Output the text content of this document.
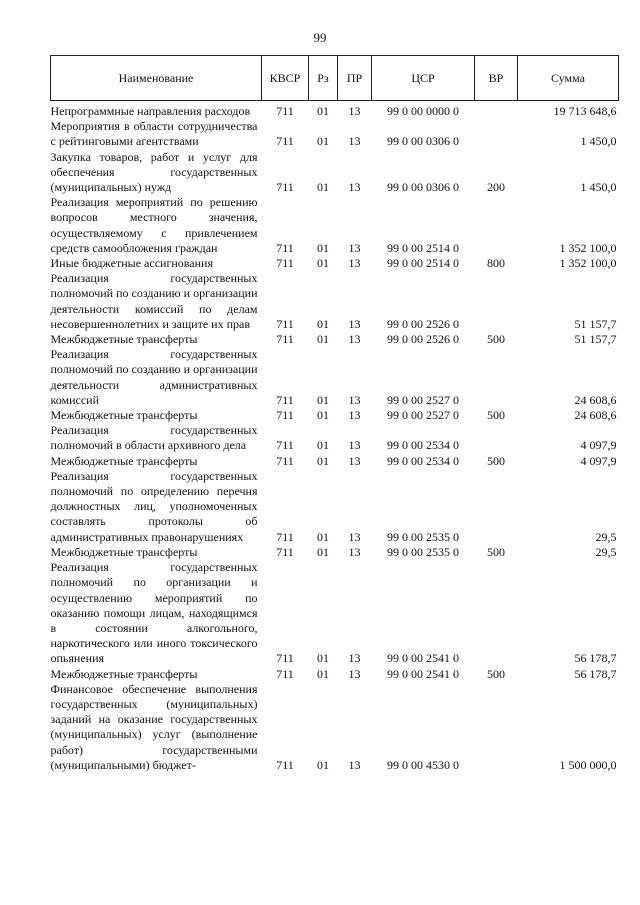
99
Наименование	КВСР	Рз	ПР	ЦСР	ВР	Сумма
Непрограммные направления расходов	711	01	13	99 0 00 0000 0		19 713 648,6
Мероприятия в области сотрудничества с рейтинговыми агентствами	711	01	13	99 0 00 0306 0		1 450,0
Закупка товаров, работ и услуг для обеспечения государственных (муниципальных) нужд	711	01	13	99 0 00 0306 0	200	1 450,0
Реализация мероприятий по решению вопросов местного значения, осуществляемому с привлечением средств самообложения граждан	711	01	13	99 0 00 2514 0		1 352 100,0
Иные бюджетные ассигнования	711	01	13	99 0 00 2514 0	800	1 352 100,0
Реализация государственных полномочий по созданию и организации деятельности комиссий по делам несовершеннолетних и защите их прав	711	01	13	99 0 00 2526 0		51 157,7
Межбюджетные трансферты	711	01	13	99 0 00 2526 0	500	51 157,7
Реализация государственных полномочий по созданию и организации деятельности административных комиссий	711	01	13	99 0 00 2527 0		24 608,6
Межбюджетные трансферты	711	01	13	99 0 00 2527 0	500	24 608,6
Реализация государственных полномочий в области архивного дела	711	01	13	99 0 00 2534 0		4 097,9
Межбюджетные трансферты	711	01	13	99 0 00 2534 0	500	4 097,9
Реализация государственных полномочий по определению перечня должностных лиц, уполномоченных составлять протоколы об административных правонарушениях	711	01	13	99 0 00 2535 0		29,5
Межбюджетные трансферты	711	01	13	99 0 00 2535 0	500	29,5
Реализация государственных полномочий по организации и осуществлению мероприятий по оказанию помощи лицам, находящимся в состоянии алкогольного, наркотического или иного токсического опьянения	711	01	13	99 0 00 2541 0		56 178,7
Межбюджетные трансферты	711	01	13	99 0 00 2541 0	500	56 178,7
Финансовое обеспечение выполнения государственных (муниципальных) заданий на оказание государственных (муниципальных) услуг (выполнение работ) государственными (муниципальными) бюджет-	711	01	13	99 0 00 4530 0		1 500 000,0
